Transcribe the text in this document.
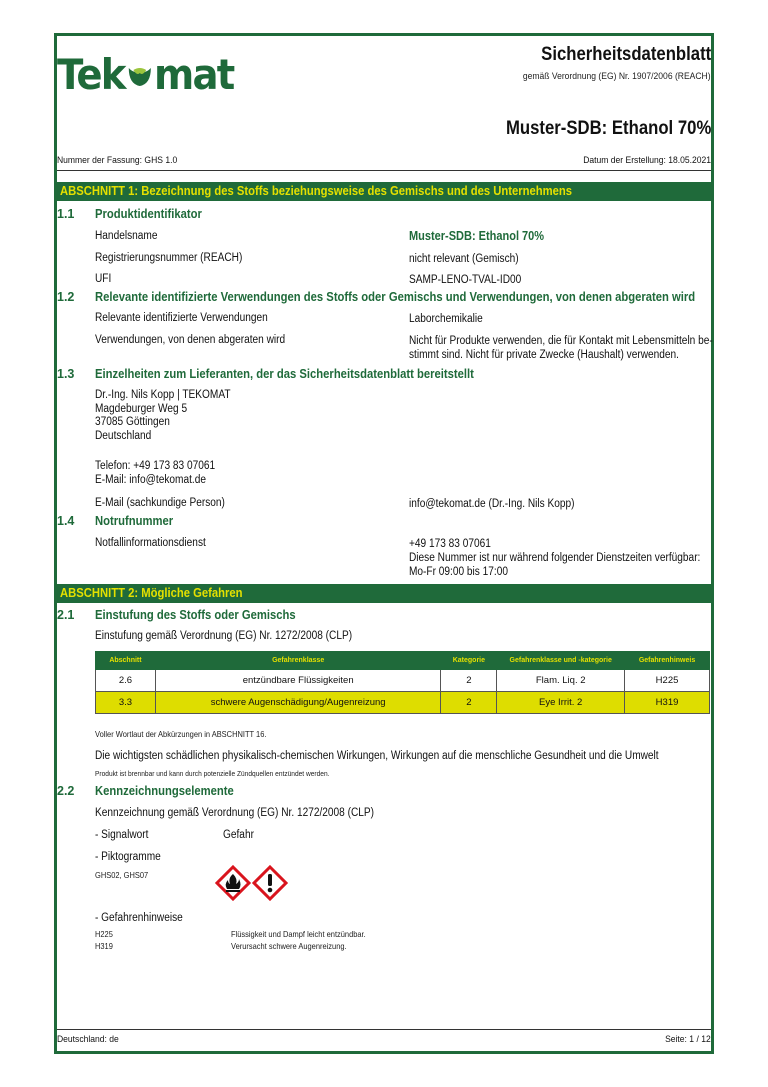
Tek mat	Sicherheitsdatenblatt
gemäß Verordnung (EG) Nr. 1907/2006 (REACH)
Muster-SDB: Ethanol 70%
Nummer der Fassung: GHS 1.0	Datum der Erstellung: 18.05.2021
ABSCHNITT 1: Bezeichnung des Stoffs beziehungsweise des Gemischs und des Unternehmens
1.1 Produktidentifikator
Handelsname	Muster-SDB: Ethanol 70%
Registrierungsnummer (REACH)	nicht relevant (Gemisch)
UFI	SAMP-LENO-TVAL-ID00
1.2 Relevante identifizierte Verwendungen des Stoffs oder Gemischs und Verwendungen, von denen abgeraten wird
Relevante identifizierte Verwendungen	Laborchemikalie
Verwendungen, von denen abgeraten wird	Nicht für Produkte verwenden, die für Kontakt mit Lebensmitteln be-
stimmt sind. Nicht für private Zwecke (Haushalt) verwenden.
1.3 Einzelheiten zum Lieferanten, der das Sicherheitsdatenblatt bereitstellt
Dr.-Ing. Nils Kopp | TEKOMAT
Magdeburger Weg 5
37085 Göttingen
Deutschland
Telefon: +49 173 83 07061
E-Mail: info@tekomat.de
E-Mail (sachkundige Person)	info@tekomat.de (Dr.-Ing. Nils Kopp)
1.4 Notrufnummer
Notfallinformationsdienst	+49 173 83 07061
Diese Nummer ist nur während folgender Dienstzeiten verfügbar:
Mo-Fr 09:00 bis 17:00
ABSCHNITT 2: Mögliche Gefahren
2.1 Einstufung des Stoffs oder Gemischs
Einstufung gemäß Verordnung (EG) Nr. 1272/2008 (CLP)
Abschnitt	Gefahrenklasse	Kategorie	Gefahrenklasse und -kategorie	Gefahrenhinweis
2.6	entzündbare Flüssigkeiten	2	Flam. Liq. 2	H225
3.3	schwere Augenschädigung/Augenreizung	2	Eye Irrit. 2	H319
Voller Wortlaut der Abkürzungen in ABSCHNITT 16.
Die wichtigsten schädlichen physikalisch-chemischen Wirkungen, Wirkungen auf die menschliche Gesundheit und die Umwelt
Produkt ist brennbar und kann durch potenzielle Zündquellen entzündet werden.
2.2 Kennzeichnungselemente
Kennzeichnung gemäß Verordnung (EG) Nr. 1272/2008 (CLP)
- Signalwort	Gefahr
- Piktogramme
GHS02, GHS07
- Gefahrenhinweise
H225	Flüssigkeit und Dampf leicht entzündbar.
H319	Verursacht schwere Augenreizung.
Deutschland: de	Seite: 1 / 12
